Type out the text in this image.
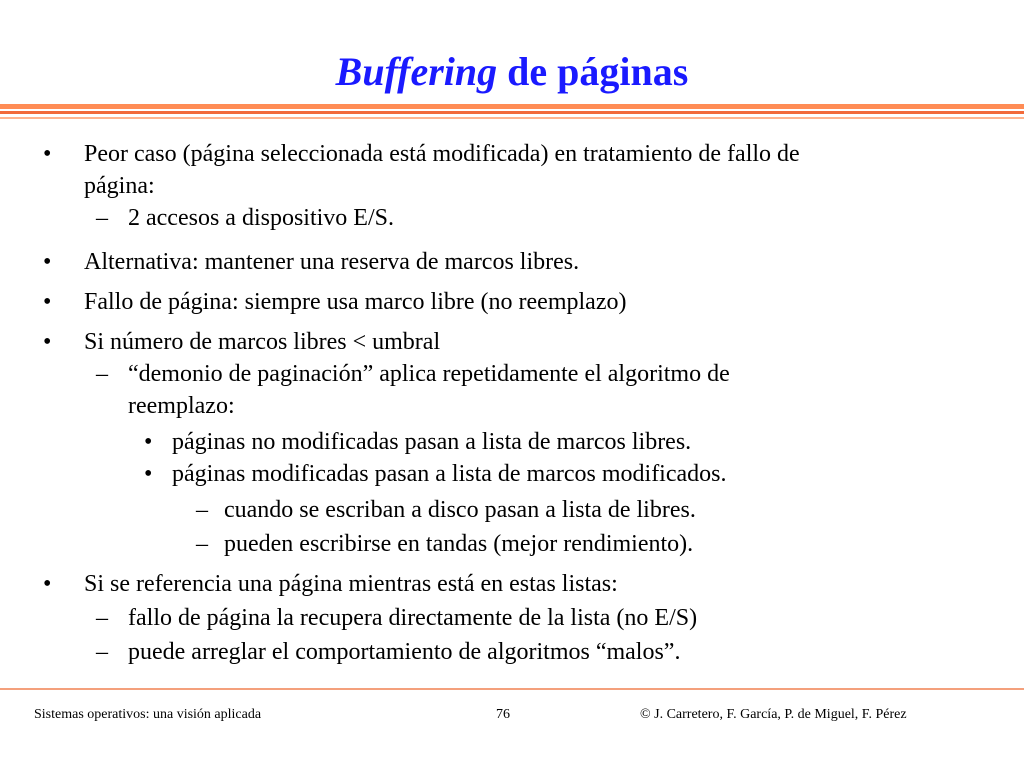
Buffering de páginas
• Peor caso (página seleccionada está modificada) en tratamiento de fallo de
página:
– 2 accesos a dispositivo E/S.
• Alternativa: mantener una reserva de marcos libres.
• Fallo de página: siempre usa marco libre (no reemplazo)
• Si número de marcos libres < umbral
– “demonio de paginación” aplica repetidamente el algoritmo de
reemplazo:
• páginas no modificadas pasan a lista de marcos libres.
• páginas modificadas pasan a lista de marcos modificados.
– cuando se escriban a disco pasan a lista de libres.
– pueden escribirse en tandas (mejor rendimiento).
• Si se referencia una página mientras está en estas listas:
– fallo de página la recupera directamente de la lista (no E/S)
– puede arreglar el comportamiento de algoritmos “malos”.
Sistemas operativos: una visión aplicada	76	© J. Carretero, F. García, P. de Miguel, F. Pérez
